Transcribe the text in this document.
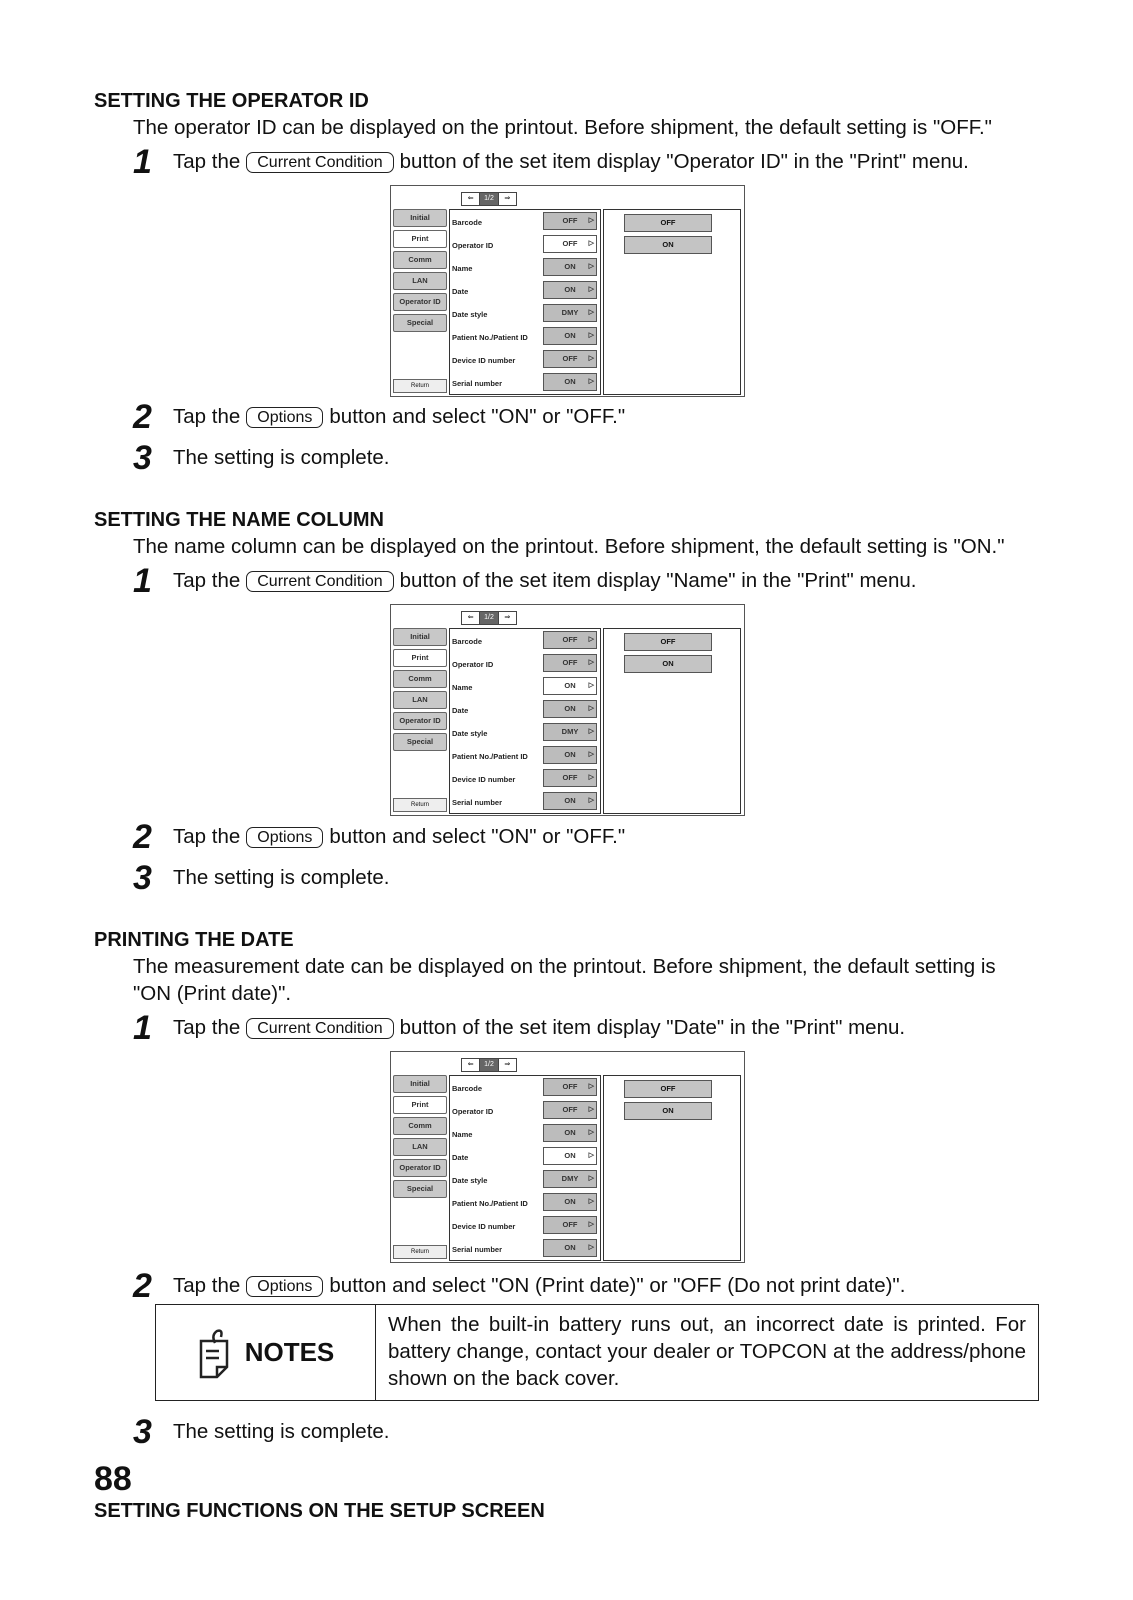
SETTING THE OPERATOR ID
The operator ID can be displayed on the printout. Before shipment, the default setting is "OFF."
1	Tap the	Current Condition button of the set item display "Operator ID" in the "Print" menu.
⇐	1/2	⇒
Initial
Print
Comm
LAN
Operator ID
Special
Return
Barcode	OFF ▷
Operator ID	OFF ▷
Name	ON ▷
Date	ON ▷
Date style	DMY ▷
Patient No./Patient ID	ON ▷
Device ID number	OFF ▷
Serial number	ON ▷
OFF
ON
2	Tap the	Options button and select "ON" or "OFF."
3	The setting is complete.
SETTING THE NAME COLUMN
The name column can be displayed on the printout. Before shipment, the default setting is "ON."
1	Tap the	Current Condition button of the set item display "Name" in the "Print" menu.
⇐	1/2	⇒
Initial
Print
Comm
LAN
Operator ID
Special
Return
Barcode	OFF ▷
Operator ID	OFF ▷
Name	ON ▷
Date	ON ▷
Date style	DMY ▷
Patient No./Patient ID	ON ▷
Device ID number	OFF ▷
Serial number	ON ▷
OFF
ON
2	Tap the	Options button and select "ON" or "OFF."
3	The setting is complete.
PRINTING THE DATE
The measurement date can be displayed on the printout. Before shipment, the default setting is "ON (Print date)".
1	Tap the	Current Condition button of the set item display "Date" in the "Print" menu.
⇐	1/2	⇒
Initial
Print
Comm
LAN
Operator ID
Special
Return
Barcode	OFF ▷
Operator ID	OFF ▷
Name	ON ▷
Date	ON ▷
Date style	DMY ▷
Patient No./Patient ID	ON ▷
Device ID number	OFF ▷
Serial number	ON ▷
OFF
ON
2	Tap the	Options button and select "ON (Print date)" or "OFF (Do not print date)".
NOTES
When the built-in battery runs out, an incorrect date is printed. For battery change, contact your dealer or TOPCON at the address/phone shown on the back cover.
3	The setting is complete.
88
SETTING FUNCTIONS ON THE SETUP SCREEN
